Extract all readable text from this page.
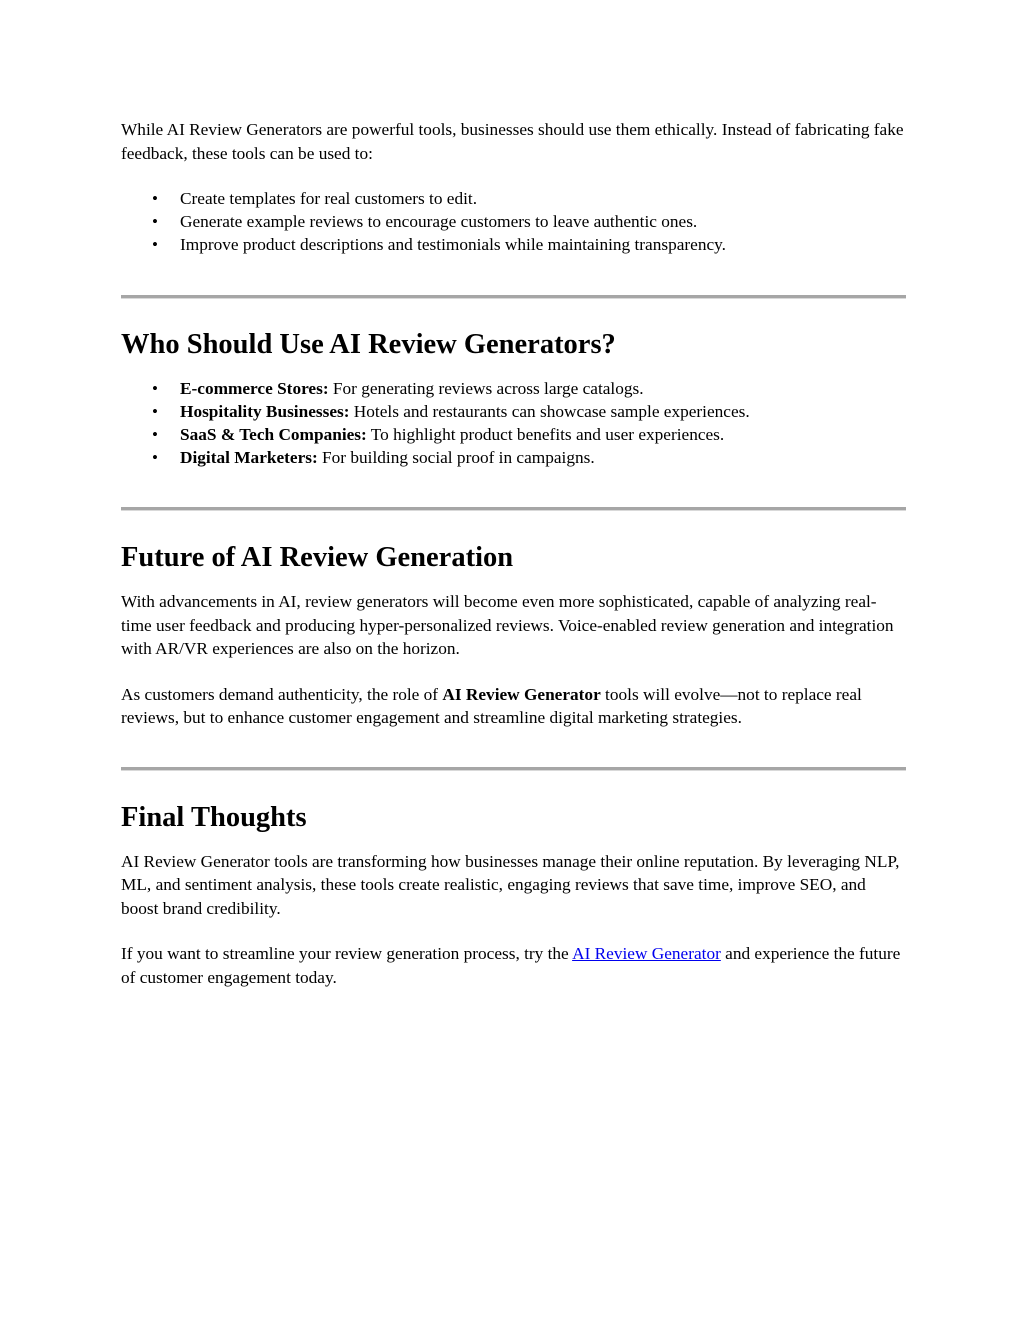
While AI Review Generators are powerful tools, businesses should use them ethically. Instead of fabricating fake feedback, these tools can be used to:

• Create templates for real customers to edit.
• Generate example reviews to encourage customers to leave authentic ones.
• Improve product descriptions and testimonials while maintaining transparency.
Who Should Use AI Review Generators?
• E-commerce Stores: For generating reviews across large catalogs.
• Hospitality Businesses: Hotels and restaurants can showcase sample experiences.
• SaaS & Tech Companies: To highlight product benefits and user experiences.
• Digital Marketers: For building social proof in campaigns.
Future of AI Review Generation

With advancements in AI, review generators will become even more sophisticated, capable of analyzing real-time user feedback and producing hyper-personalized reviews. Voice-enabled review generation and integration with AR/VR experiences are also on the horizon.

As customers demand authenticity, the role of AI Review Generator tools will evolve—not to replace real reviews, but to enhance customer engagement and streamline digital marketing strategies.

Final Thoughts

AI Review Generator tools are transforming how businesses manage their online reputation. By leveraging NLP, ML, and sentiment analysis, these tools create realistic, engaging reviews that save time, improve SEO, and boost brand credibility.

If you want to streamline your review generation process, try the AI Review Generator and experience the future of customer engagement today.
